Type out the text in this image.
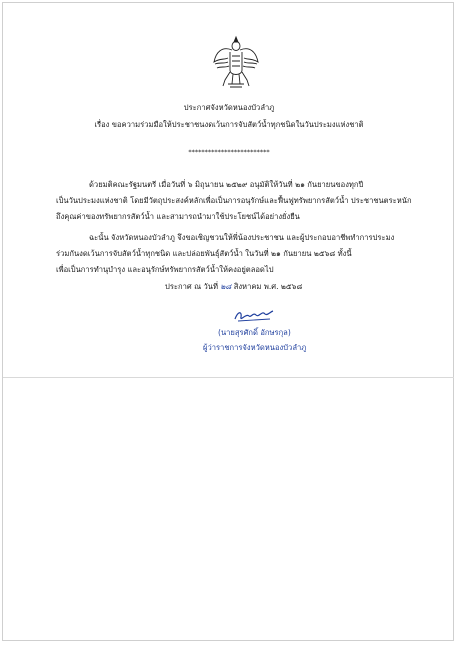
ประกาศจังหวัดหนองบัวลำภู
เรื่อง ขอความร่วมมือให้ประชาชนงดเว้นการจับสัตว์น้ำทุกชนิดในวันประมงแห่งชาติ
*************************
ด้วยมติคณะรัฐมนตรี เมื่อวันที่ ๖ มิถุนายน ๒๕๒๙ อนุมัติให้วันที่ ๒๑ กันยายนของทุกปี
เป็นวันประมงแห่งชาติ โดยมีวัตถุประสงค์หลักเพื่อเป็นการอนุรักษ์และฟื้นฟูทรัพยากรสัตว์น้ำ ประชาชนตระหนัก
ถึงคุณค่าของทรัพยากรสัตว์น้ำ และสามารถนำมาใช้ประโยชน์ได้อย่างยั่งยืน
ฉะนั้น จังหวัดหนองบัวลำภู จึงขอเชิญชวนให้พี่น้องประชาชน และผู้ประกอบอาชีพทำการประมง
ร่วมกันงดเว้นการจับสัตว์น้ำทุกชนิด และปล่อยพันธุ์สัตว์น้ำ ในวันที่ ๒๑ กันยายน ๒๕๖๘ ทั้งนี้
เพื่อเป็นการทำนุบำรุง และอนุรักษ์ทรัพยากรสัตว์น้ำให้คงอยู่ตลอดไป
ประกาศ ณ วันที่ ๒๘ สิงหาคม พ.ศ. ๒๕๖๘
(นายสุรศักดิ์ อักษรกุล)
ผู้ว่าราชการจังหวัดหนองบัวลำภู
